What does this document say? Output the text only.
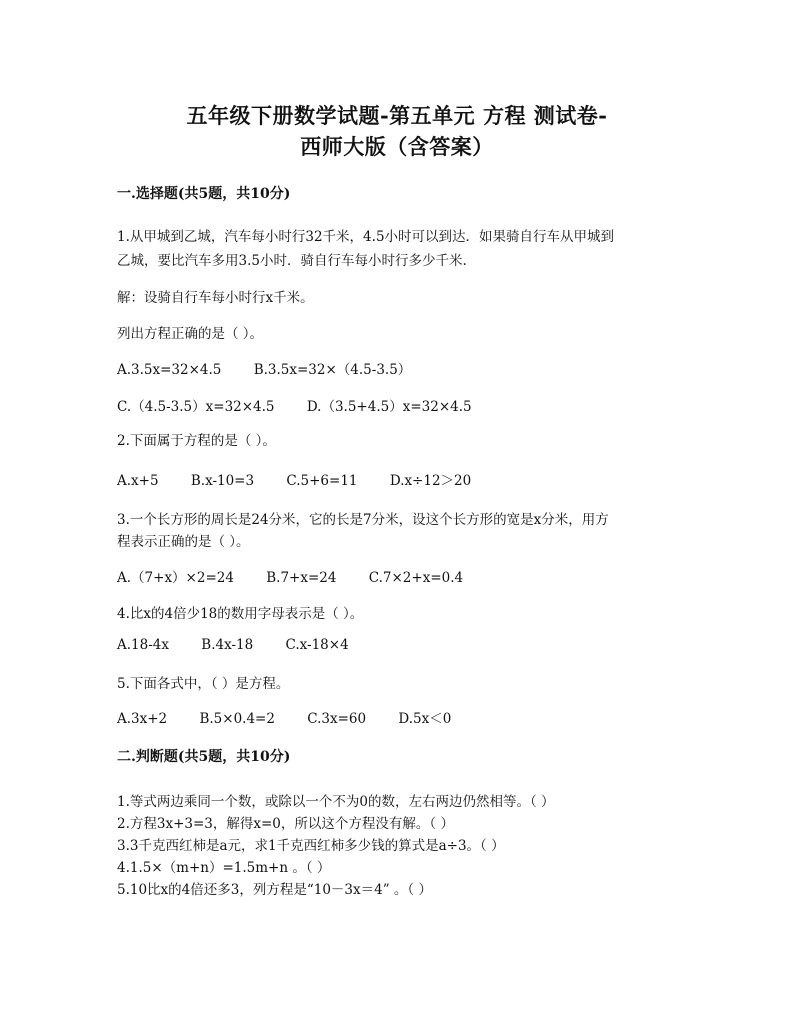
五年级下册数学试题-第五单元 方程 测试卷-
西师大版（含答案）
一.选择题(共5题，共10分)
1.从甲城到乙城，汽车每小时行32千米，4.5小时可以到达．如果骑自行车从甲城到
乙城，要比汽车多用3.5小时．骑自行车每小时行多少千米.
解：设骑自行车每小时行x千米。
列出方程正确的是（ ）。
A.3.5x=32×4.5 B.3.5x=32×（4.5-3.5）
C.（4.5-3.5）x=32×4.5 D.（3.5+4.5）x=32×4.5
2.下面属于方程的是（ ）。
A.x+5 B.x-10=3 C.5+6=11 D.x÷12＞20
3.一个长方形的周长是24分米，它的长是7分米，设这个长方形的宽是x分米，用方
程表示正确的是（ ）。
A.（7+x）×2=24 B.7+x=24 C.7×2+x=0.4
4.比x的4倍少18的数用字母表示是（ ）。
A.18-4x B.4x-18 C.x-18×4
5.下面各式中，（ ）是方程。
A.3x+2 B.5×0.4=2 C.3x=60 D.5x＜0
二.判断题(共5题，共10分)
1.等式两边乘同一个数，或除以一个不为0的数，左右两边仍然相等。（ ）
2.方程3x+3=3，解得x=0，所以这个方程没有解。（ ）
3.3千克西红柿是a元，求1千克西红柿多少钱的算式是a÷3。（ ）
4.1.5×（m+n）=1.5m+n 。（ ）
5.10比x的4倍还多3，列方程是“10－3x＝4” 。（ ）
